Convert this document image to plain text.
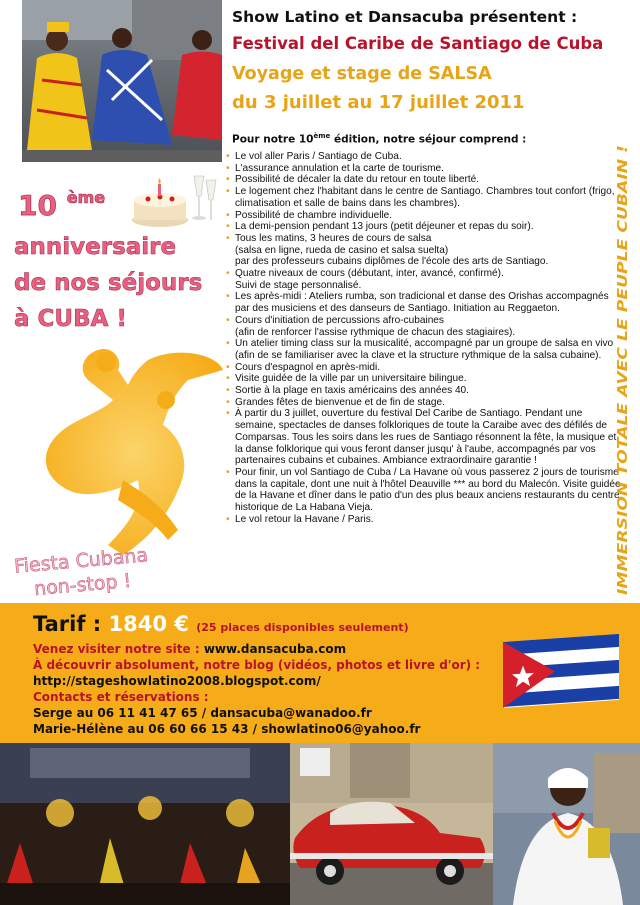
Show Latino et Dansacuba présentent :
Festival del Caribe de Santiago de Cuba
Voyage et stage de SALSA
du 3 juillet au 17 juillet 2011
Pour notre 10ème édition, notre séjour comprend :
• Le vol aller Paris / Santiago de Cuba.
• L'assurance annulation et la carte de tourisme.
• Possibilité de décaler la date du retour en toute liberté.
• Le logement chez l'habitant dans le centre de Santiago. Chambres tout confort (frigo, climatisation et salle de bains dans les chambres).
• Possibilité de chambre individuelle.
• La demi-pension pendant 13 jours (petit déjeuner et repas du soir).
• Tous les matins, 3 heures de cours de salsa
(salsa en ligne, rueda de casino et salsa suelta)
par des professeurs cubains diplômes de l'école des arts de Santiago.
• Quatre niveaux de cours (débutant, inter, avancé, confirmé).
Suivi de stage personnalisé.
• Les après-midi : Ateliers rumba, son tradicional et danse des Orishas accompagnés par des musiciens et des danseurs de Santiago. Initiation au Reggaeton.
• Cours d'initiation de percussions afro-cubaines
(afin de renforcer l'assise rythmique de chacun des stagiaires).
• Un atelier timing class sur la musicalité, accompagné par un groupe de salsa en vivo (afin de se familiariser avec la clave et la structure rythmique de la salsa cubaine).
• Cours d'espagnol en après-midi.
• Visite guidée de la ville par un universitaire bilingue.
• Sortie à la plage en taxis américains des années 40.
• Grandes fêtes de bienvenue et de fin de stage.
• À partir du 3 juillet, ouverture du festival Del Caribe de Santiago. Pendant une semaine, spectacles de danses folkloriques de toute la Caraibe avec des défilés de Comparsas. Tous les soirs dans les rues de Santiago résonnent la fête, la musique et la danse folklorique qui vous feront danser jusqu' à l'aube, accompagnés par vos partenaires cubains et cubaines. Ambiance extraordinaire garantie !
• Pour finir, un vol Santiago de Cuba / La Havane où vous passerez 2 jours de tourisme dans la capitale, dont une nuit à l'hôtel Deauville *** au bord du Malecón. Visite guidée de la Havane et dîner dans le patio d'un des plus beaux anciens restaurants du centre historique de La Habana Vieja.
• Le vol retour la Havane / Paris.	IMMERSION TOTALE AVEC LE PEUPLE CUBAIN !
10 $^{ème}$
anniversaire
de nos séjours
à CUBA !
Fiesta Cubana
non-stop !
Tarif : 1840 € (25 places disponibles seulement)
Venez visiter notre site : www.dansacuba.com
À découvrir absolument, notre blog (vidéos, photos et livre d'or) :
http://stageshowlatino2008.blogspot.com/
Contacts et réservations :
Serge au 06 11 41 47 65 / dansacuba@wanadoo.fr
Marie-Hélène au 06 60 66 15 43 / showlatino06@yahoo.fr
